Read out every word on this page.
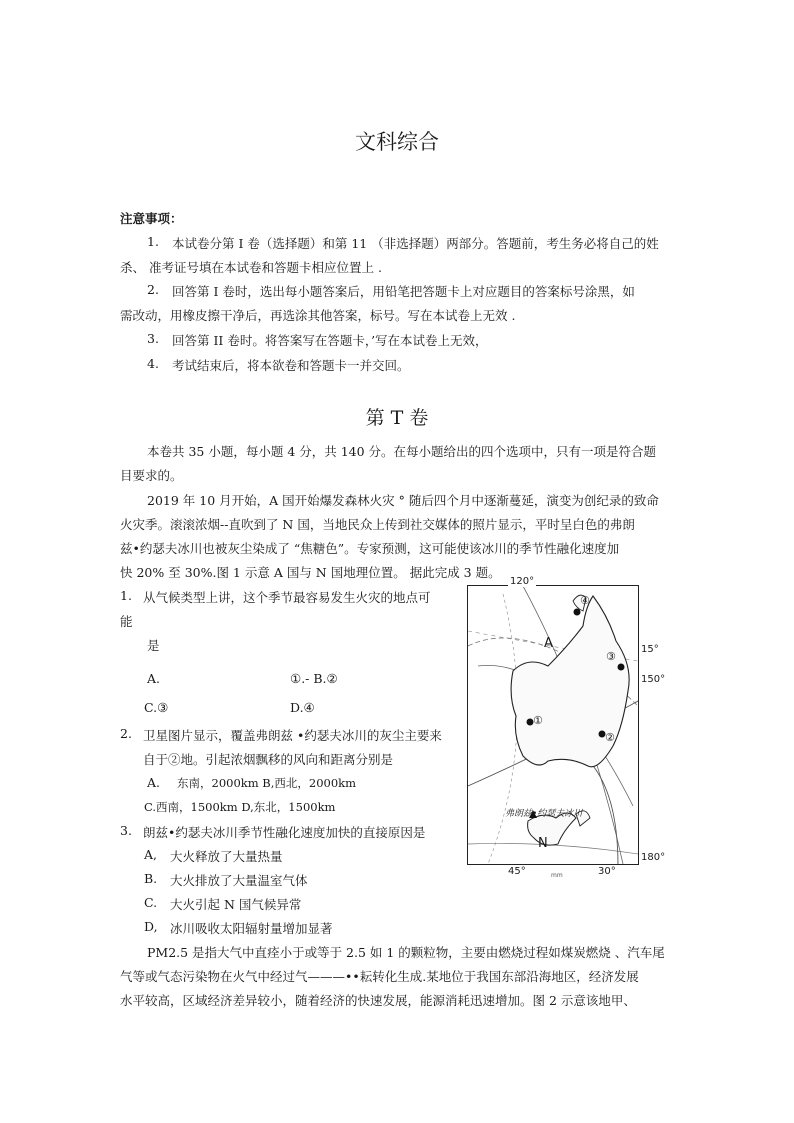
文科综合
注意事项：
1. 本试卷分第 I 卷（选择题）和第 11 （非选择题）两部分。答题前，考生务必将自己的姓
杀、 准考证号填在本试卷和答题卡相应位置上 .
2. 回答第 I 卷时，选出每小题答案后，用铅笔把答题卡上对应题目的答案标号涂黑，如
需改动，用橡皮擦干净后，再选涂其他答案，标号。写在本试卷上无效 .
3. 回答第 II 卷时。将答案写在答题卡，’写在本试卷上无效，
4. 考试结束后，将本欲卷和答题卡一并交回。
第 T 卷
本卷共 35 小题，每小题 4 分，共 140 分。在每小题给出的四个选项中，只有一项是符合题
目要求的。
2019 年 10 月开始，A 国开始爆发森林火灾 ° 随后四个月中逐渐蔓延，演变为创纪录的致命
火灾季。滚滚浓烟--直吹到了 N 国，当地民众上传到社交媒体的照片显示，平时呈白色的弗朗
兹•约瑟夫冰川也被灰尘染成了 “焦糖色”。专家预测，这可能使该冰川的季节性融化速度加
快 20% 至 30%.图 1 示意 A 国与 N 国地理位置。 据此完成 3 题。
1. 从气候类型上讲，这个季节最容易发生火灾的地点可
能
是
A.	①.- B.②
C.③	D.④
2. 卫星图片显示，覆盖弗朗兹 •约瑟夫冰川的灰尘主要来
自于②地。引起浓烟飘移的风向和距离分别是
A. 东南，2000km B,西北，2000km
C.西南，1500km D,东北，1500km
3. 朗兹•约瑟夫冰川季节性融化速度加快的直接原因是
A, 大火释放了大量热量
B. 大火排放了大量温室气体
C. 大火引起 N 国气候异常
D, 冰川吸收太阳辐射量增加显著
PM2.5 是指大气中直痊小于或等于 2.5 如 1 的颗粒物，主要由燃烧过程如煤炭燃烧 、汽车尾
气等或气态污染物在火气中经过气———••耘转化生成.某地位于我国东部沿海地区，经济发展
水平较高，区域经济差异较小，随着经济的快速发展，能源消耗迅速增加。图 2 示意该地甲、
120°
15°
150°
180°
45°	30°
A
N
弗朗兹•约瑟夫冰川
mm
①
②
③
④
